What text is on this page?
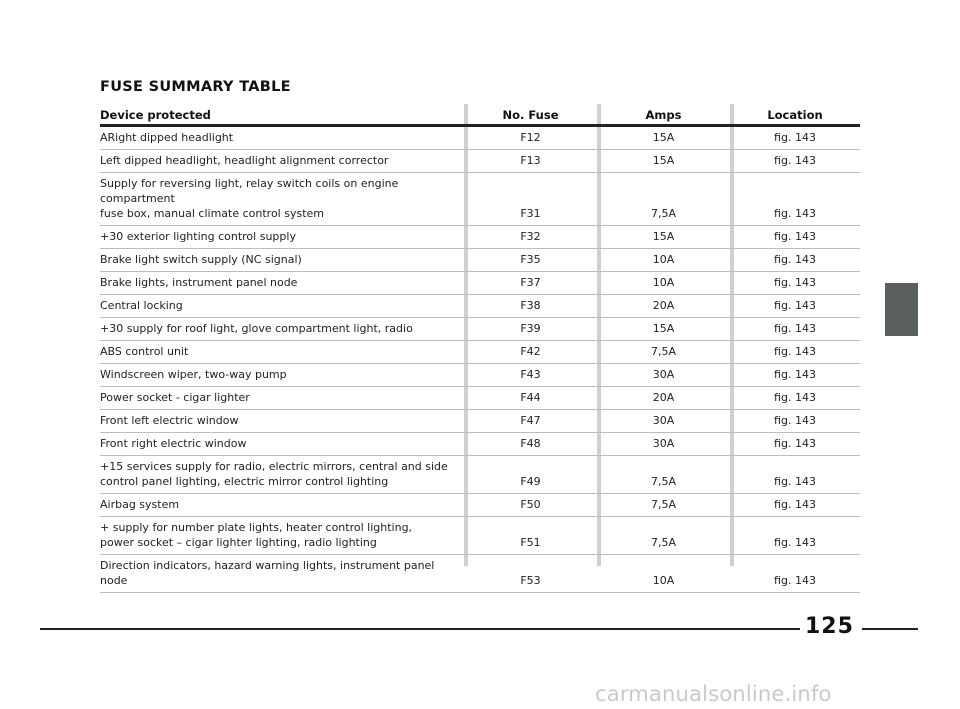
FUSE SUMMARY TABLE
Device protected	No. Fuse	Amps	Location
ARight dipped headlight	F12	15A	fig. 143
Left dipped headlight, headlight alignment corrector	F13	15A	fig. 143
Supply for reversing light, relay switch coils on engine compartment
fuse box, manual climate control system	F31	7,5A	fig. 143
+30 exterior lighting control supply	F32	15A	fig. 143
Brake light switch supply (NC signal)	F35	10A	fig. 143
Brake lights, instrument panel node	F37	10A	fig. 143
Central locking	F38	20A	fig. 143
+30 supply for roof light, glove compartment light, radio	F39	15A	fig. 143
ABS control unit	F42	7,5A	fig. 143
Windscreen wiper, two-way pump	F43	30A	fig. 143
Power socket - cigar lighter	F44	20A	fig. 143
Front left electric window	F47	30A	fig. 143
Front right electric window	F48	30A	fig. 143
+15 services supply for radio, electric mirrors, central and side
control panel lighting, electric mirror control lighting	F49	7,5A	fig. 143
Airbag system	F50	7,5A	fig. 143
+ supply for number plate lights, heater control lighting,
power socket – cigar lighter lighting, radio lighting	F51	7,5A	fig. 143
Direction indicators, hazard warning lights, instrument panel node	F53	10A	fig. 143
125
carmanualsonline.info
